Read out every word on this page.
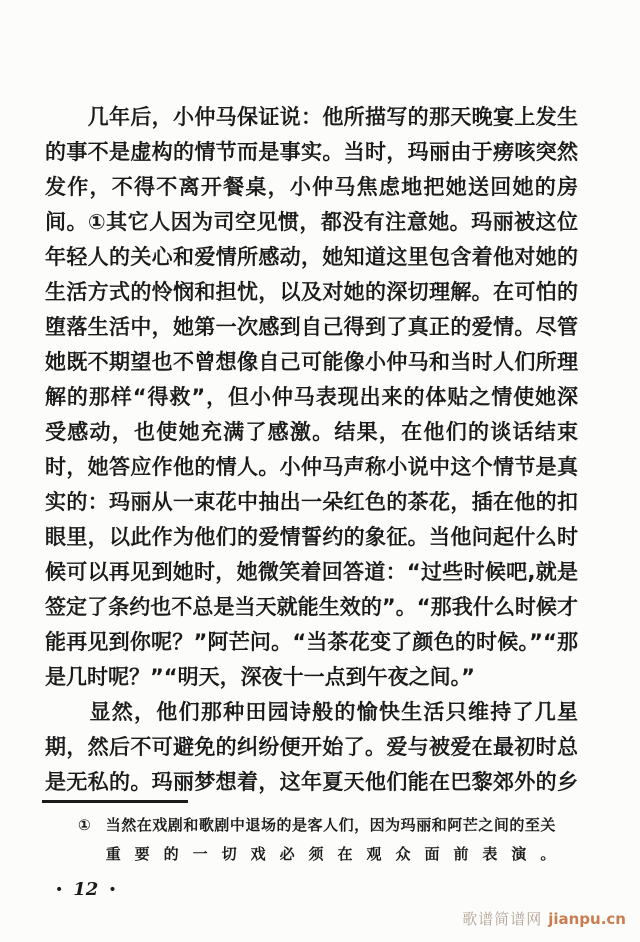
　　几年后，小仲马保证说：他所描写的那天晚宴上发生
的事不是虚构的情节而是事实。当时，玛丽由于痨咳突然
发作，不得不离开餐桌，小仲马焦虑地把她送回她的房
间。①其它人因为司空见惯，都没有注意她。玛丽被这位
年轻人的关心和爱情所感动，她知道这里包含着他对她的
生活方式的怜悯和担忧，以及对她的深切理解。在可怕的
堕落生活中，她第一次感到自己得到了真正的爱情。尽管
她既不期望也不曾想像自己可能像小仲马和当时人们所理
解的那样“得救”，但小仲马表现出来的体贴之情使她深
受感动，也使她充满了感激。结果，在他们的谈话结束
时，她答应作他的情人。小仲马声称小说中这个情节是真
实的：玛丽从一束花中抽出一朵红色的茶花，插在他的扣
眼里，以此作为他们的爱情誓约的象征。当他问起什么时
候可以再见到她时，她微笑着回答道：“过些时候吧,就是
签定了条约也不总是当天就能生效的”。“那我什么时候才
能再见到你呢？”阿芒问。“当茶花变了颜色的时候。”“那
是几时呢？”“明天，深夜十一点到午夜之间。”
　　显然，他们那种田园诗般的愉快生活只维持了几星
期，然后不可避免的纠纷便开始了。爱与被爱在最初时总
是无私的。玛丽梦想着，这年夏天他们能在巴黎郊外的乡
① 当然在戏剧和歌剧中退场的是客人们，因为玛丽和阿芒之间的至关
重要的一切戏必须在观众面前表演。
• 12 •
歌谱简谱网 jianpu.cn
